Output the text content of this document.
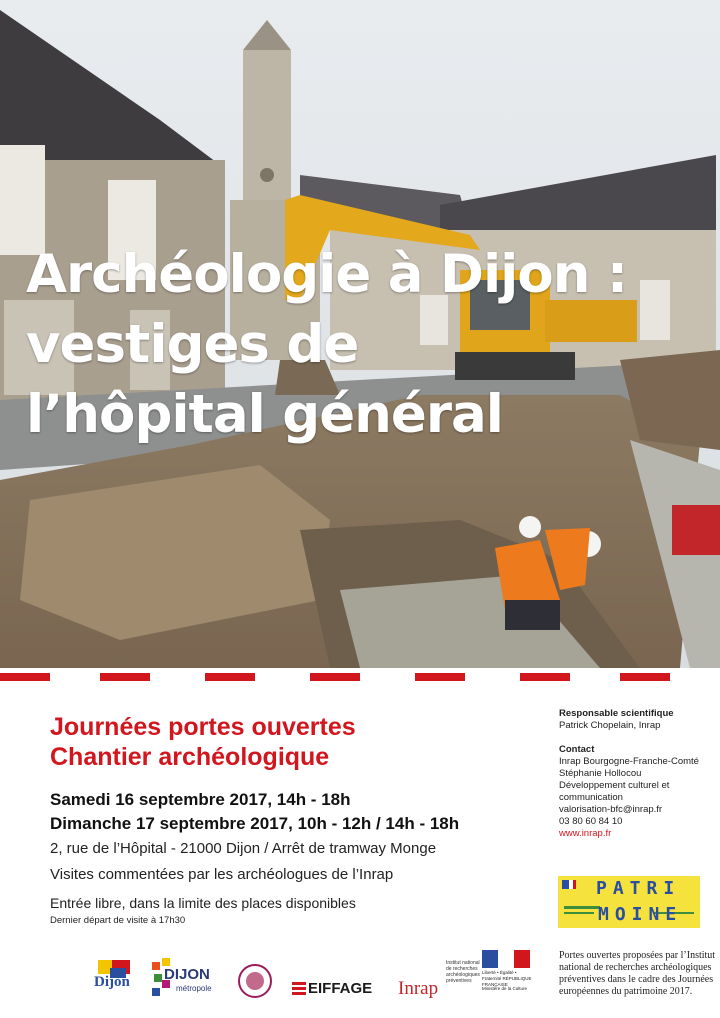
Archéologie à Dijon :
vestiges de
l’hôpital général

Journées portes ouvertes

Chantier archéologique

Samedi 16 septembre 2017, 14h - 18h

Dimanche 17 septembre 2017, 10h - 12h / 14h - 18h

2, rue de l’Hôpital - 21000 Dijon / Arrêt de tramway Monge

Visites commentées par les archéologues de l’Inrap

Entrée libre, dans la limite des places disponibles

Dernier départ de visite à 17h30

Responsable scientifique
Patrick Chopelain, Inrap
Contact
Inrap Bourgogne-Franche-Comté
Stéphanie Hollocou
Développement culturel et
communication
valorisation-bfc@inrap.fr
03 80 60 84 10
www.inrap.fr
PATRI
MOINE
Portes ouvertes proposées par l’Institut national de recherches archéologiques préventives dans le cadre des Journées européennes du patrimoine 2017.
Dijon DIJON
métropole	EIFFAGE Inrap
Institut national de recherches archéologiques préventives
Liberté • Égalité • Fraternité RÉPUBLIQUE FRANÇAISE
Ministère de la Culture
